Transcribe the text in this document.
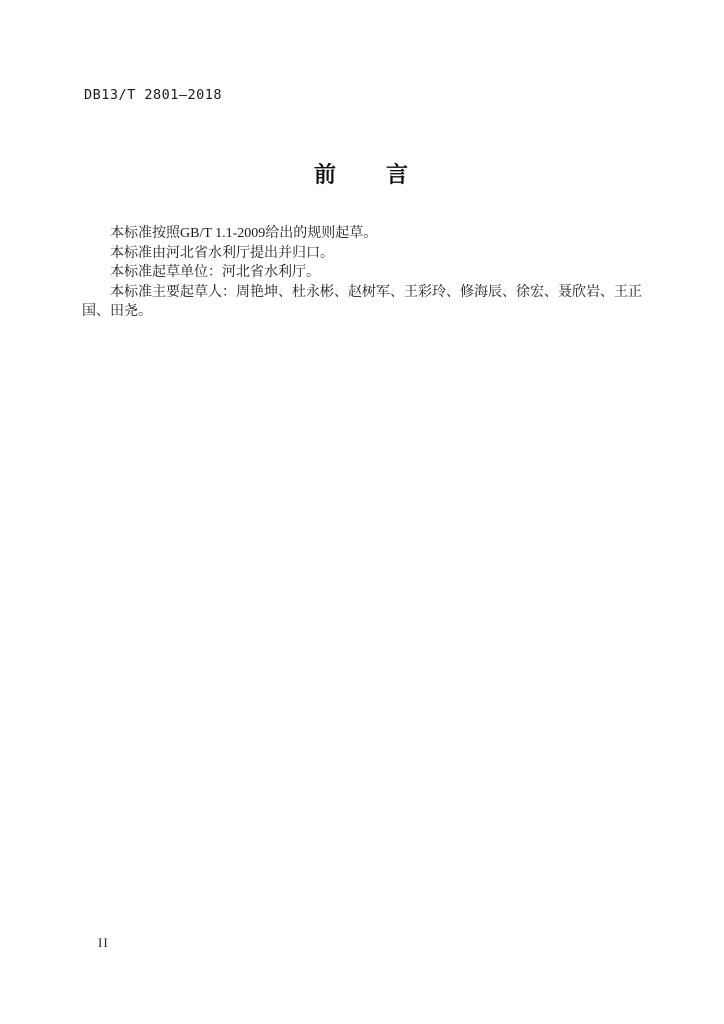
DB13/T 2801—2018
前　　言

本标准按照GB/T 1.1-2009给出的规则起草。

本标准由河北省水利厅提出并归口。

本标准起草单位：河北省水利厅。

本标准主要起草人：周艳坤、杜永彬、赵树军、王彩玲、修海辰、徐宏、聂欣岩、王正国、田尧。

II
